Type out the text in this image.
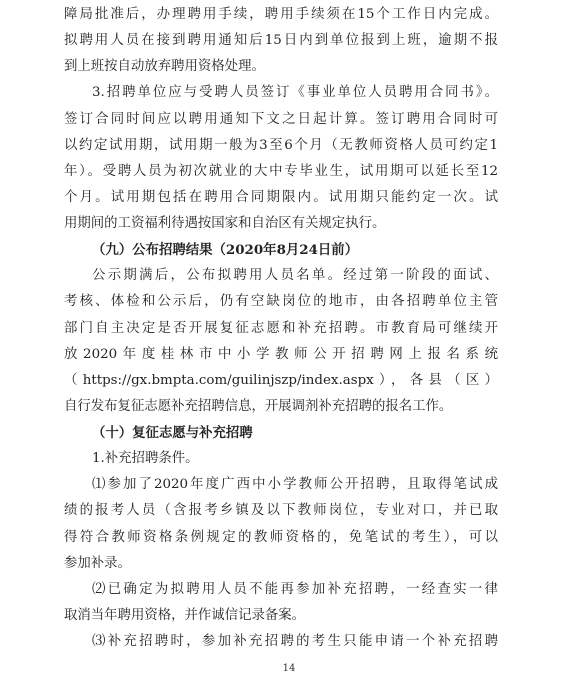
障局批准后，办理聘用手续，聘用手续须在15个工作日内完成。
拟聘用人员在接到聘用通知后15日内到单位报到上班，逾期不报
到上班按自动放弃聘用资格处理。
3.招聘单位应与受聘人员签订《事业单位人员聘用合同书》。
签订合同时间应以聘用通知下文之日起计算。签订聘用合同时可
以约定试用期，试用期一般为3至6个月（无教师资格人员可约定1
年）。受聘人员为初次就业的大中专毕业生，试用期可以延长至12
个月。试用期包括在聘用合同期限内。试用期只能约定一次。试
用期间的工资福利待遇按国家和自治区有关规定执行。
（九）公布招聘结果（2020年8月24日前）
公示期满后，公布拟聘用人员名单。经过第一阶段的面试、
考核、体检和公示后，仍有空缺岗位的地市，由各招聘单位主管
部门自主决定是否开展复征志愿和补充招聘。市教育局可继续开
放2020年度桂林市中小学教师公开招聘网上报名系统
（https://gx.bmpta.com/guilinjszp/index.aspx），各县（区）
自行发布复征志愿补充招聘信息，开展调剂补充招聘的报名工作。
（十）复征志愿与补充招聘
1.补充招聘条件。
⑴参加了2020年度广西中小学教师公开招聘，且取得笔试成
绩的报考人员（含报考乡镇及以下教师岗位，专业对口，并已取
得符合教师资格条例规定的教师资格的，免笔试的考生），可以
参加补录。
⑵已确定为拟聘用人员不能再参加补充招聘，一经查实一律
取消当年聘用资格，并作诚信记录备案。
⑶补充招聘时，参加补充招聘的考生只能申请一个补充招聘
14
